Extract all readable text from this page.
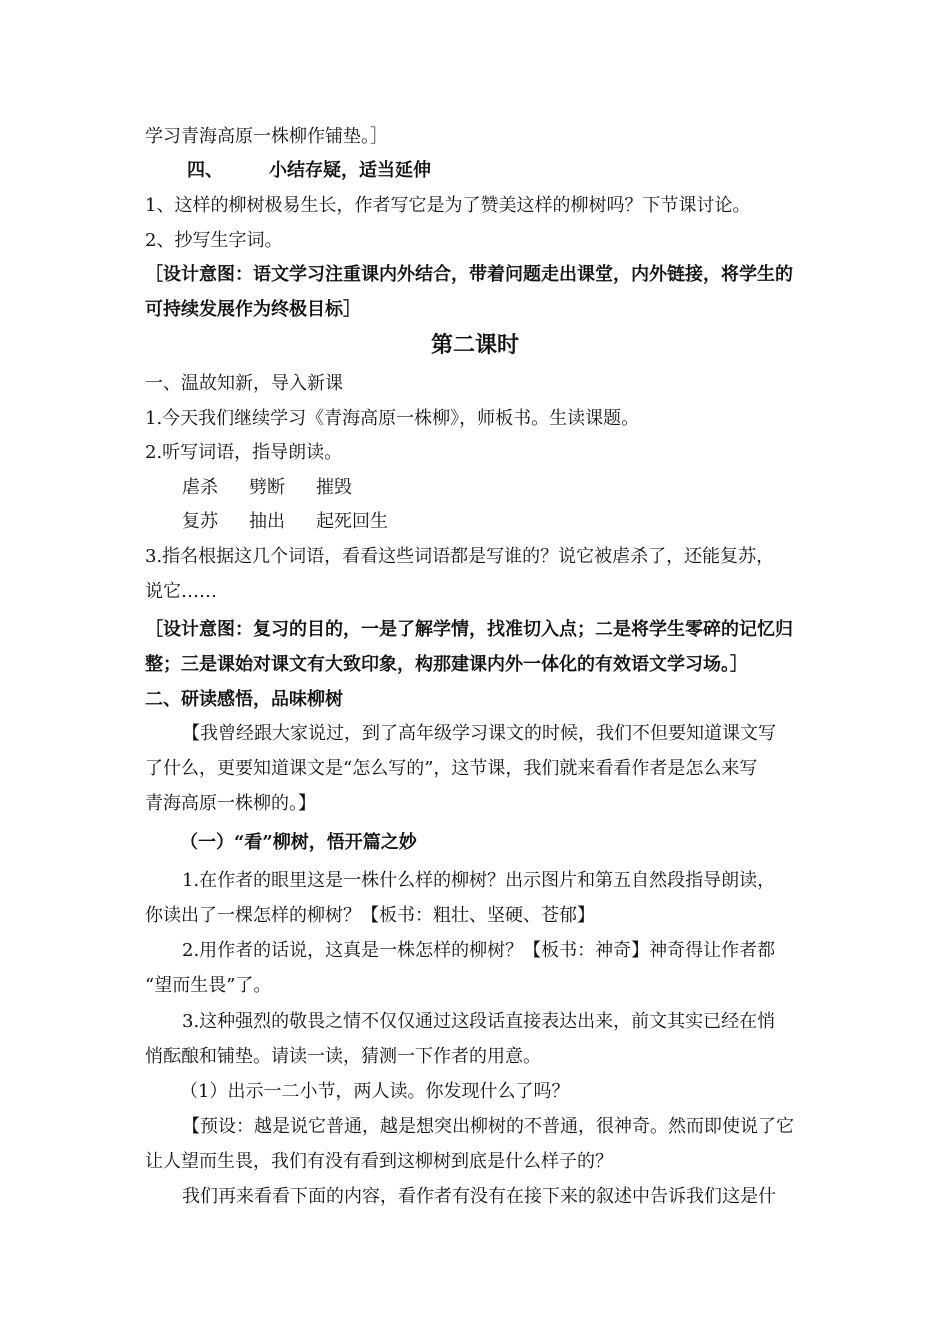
学习青海高原一株柳作铺垫。］
四、	小结存疑，适当延伸
1、这样的柳树极易生长，作者写它是为了赞美这样的柳树吗？下节课讨论。
2、抄写生字词。
［设计意图：语文学习注重课内外结合，带着问题走出课堂，内外链接，将学生的
可持续发展作为终极目标］
第二课时
一、温故知新，导入新课
1.今天我们继续学习《青海高原一株柳》，师板书。生读课题。
2.听写词语，指导朗读。
虐杀 劈断 摧毁
复苏 抽出 起死回生
3.指名根据这几个词语，看看这些词语都是写谁的？说它被虐杀了，还能复苏，
说它……
［设计意图：复习的目的，一是了解学情，找准切入点；二是将学生零碎的记忆归
整；三是课始对课文有大致印象，构那建课内外一体化的有效语文学习场。］
二、研读感悟，品味柳树
【我曾经跟大家说过，到了高年级学习课文的时候，我们不但要知道课文写
了什么，更要知道课文是“怎么写的”，这节课，我们就来看看作者是怎么来写
青海高原一株柳的。】
（一）“看”柳树，悟开篇之妙
1.在作者的眼里这是一株什么样的柳树？出示图片和第五自然段指导朗读，
你读出了一棵怎样的柳树？【板书：粗壮、坚硬、苍郁】
2.用作者的话说，这真是一株怎样的柳树？【板书：神奇】神奇得让作者都
“望而生畏”了。
3.这种强烈的敬畏之情不仅仅通过这段话直接表达出来，前文其实已经在悄
悄酝酿和铺垫。请读一读，猜测一下作者的用意。
（1）出示一二小节，两人读。你发现什么了吗？
【预设：越是说它普通，越是想突出柳树的不普通，很神奇。然而即使说了它
让人望而生畏，我们有没有看到这柳树到底是什么样子的？
我们再来看看下面的内容，看作者有没有在接下来的叙述中告诉我们这是什
